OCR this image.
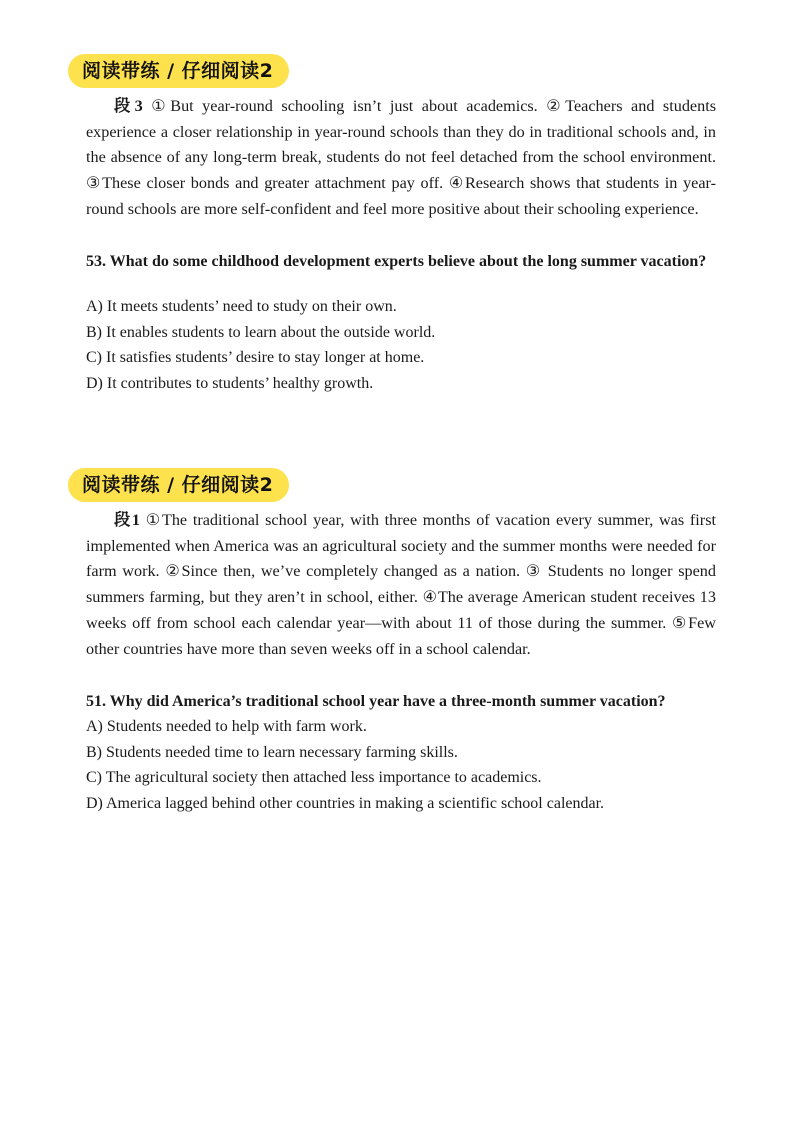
阅读带练 / 仔细阅读2

段3 ①But year-round schooling isn’t just about academics. ②Teachers and students experience a closer relationship in year-round schools than they do in traditional schools and, in the absence of any long-term break, students do not feel detached from the school environment. ③These closer bonds and greater attachment pay off. ④Research shows that students in year-round schools are more self-confident and feel more positive about their schooling experience.

53. What do some childhood development experts believe about the long summer vacation?

A) It meets students’ need to study on their own.
B) It enables students to learn about the outside world.
C) It satisfies students’ desire to stay longer at home.
D) It contributes to students’ healthy growth.
阅读带练 / 仔细阅读2

段1 ①The traditional school year, with three months of vacation every summer, was first implemented when America was an agricultural society and the summer months were needed for farm work. ②Since then, we’ve completely changed as a nation. ③ Students no longer spend summers farming, but they aren’t in school, either. ④The average American student receives 13 weeks off from school each calendar year—with about 11 of those during the summer. ⑤Few other countries have more than seven weeks off in a school calendar.

51. Why did America’s traditional school year have a three-month summer vacation?

A) Students needed to help with farm work.
B) Students needed time to learn necessary farming skills.
C) The agricultural society then attached less importance to academics.
D) America lagged behind other countries in making a scientific school calendar.
